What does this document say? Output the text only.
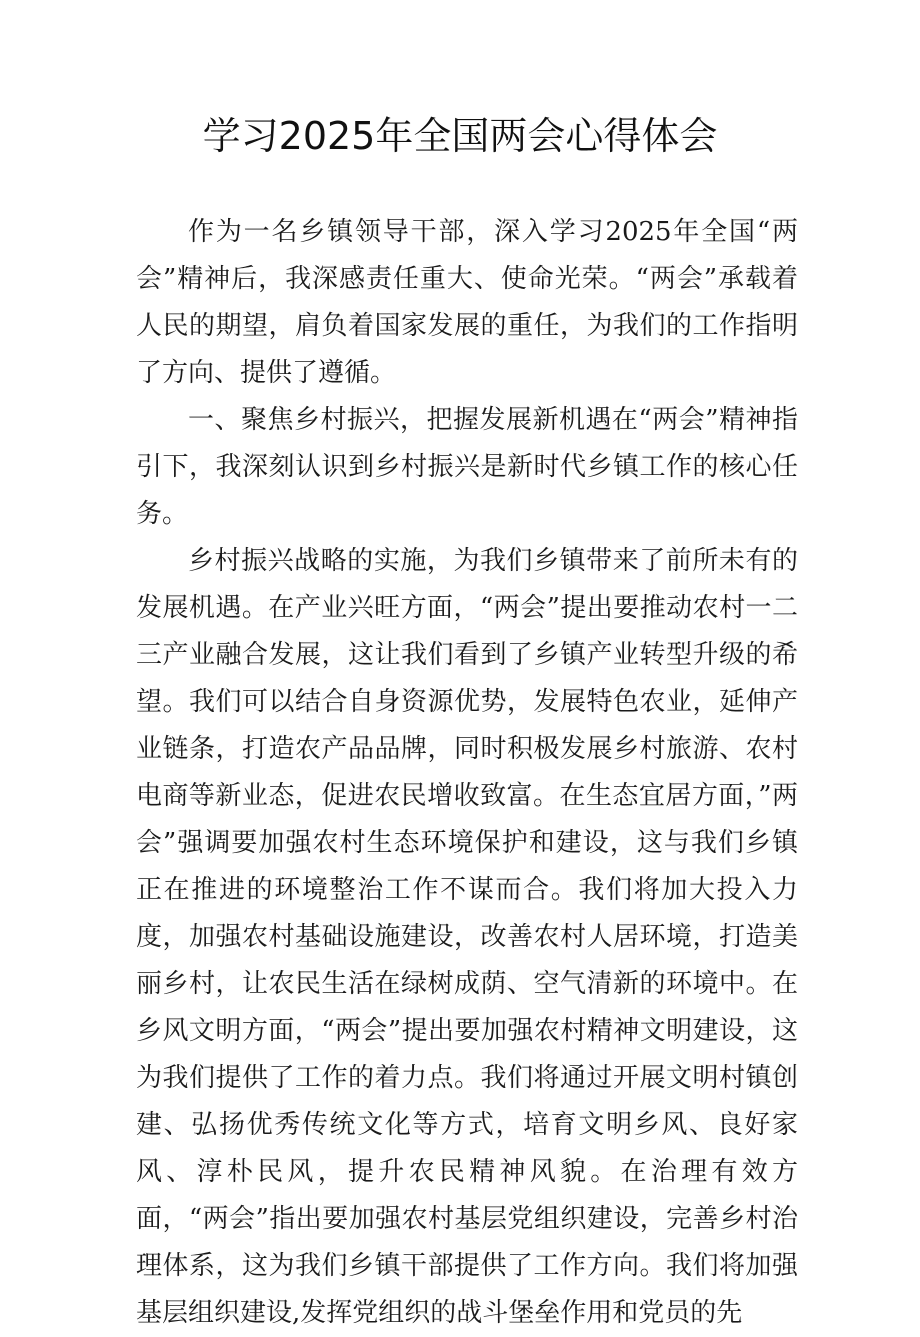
学习2025年全国两会心得体会

作为一名乡镇领导干部，深入学习2025年全国“两会”精神后，我深感责任重大、使命光荣。“两会”承载着人民的期望，肩负着国家发展的重任，为我们的工作指明了方向、提供了遵循。

一、聚焦乡村振兴，把握发展新机遇在“两会”精神指引下，我深刻认识到乡村振兴是新时代乡镇工作的核心任务。

乡村振兴战略的实施，为我们乡镇带来了前所未有的发展机遇。在产业兴旺方面，“两会”提出要推动农村一二三产业融合发展，这让我们看到了乡镇产业转型升级的希望。我们可以结合自身资源优势，发展特色农业，延伸产业链条，打造农产品品牌，同时积极发展乡村旅游、农村电商等新业态，促进农民增收致富。在生态宜居方面，”两会”强调要加强农村生态环境保护和建设，这与我们乡镇正在推进的环境整治工作不谋而合。我们将加大投入力度，加强农村基础设施建设，改善农村人居环境，打造美丽乡村，让农民生活在绿树成荫、空气清新的环境中。在乡风文明方面，“两会”提出要加强农村精神文明建设，这为我们提供了工作的着力点。我们将通过开展文明村镇创建、弘扬优秀传统文化等方式，培育文明乡风、良好家风、淳朴民风，提升农民精神风貌。在治理有效方面，“两会”指出要加强农村基层党组织建设，完善乡村治理体系，这为我们乡镇干部提供了工作方向。我们将加强基层组织建设,发挥党组织的战斗堡垒作用和党员的先
